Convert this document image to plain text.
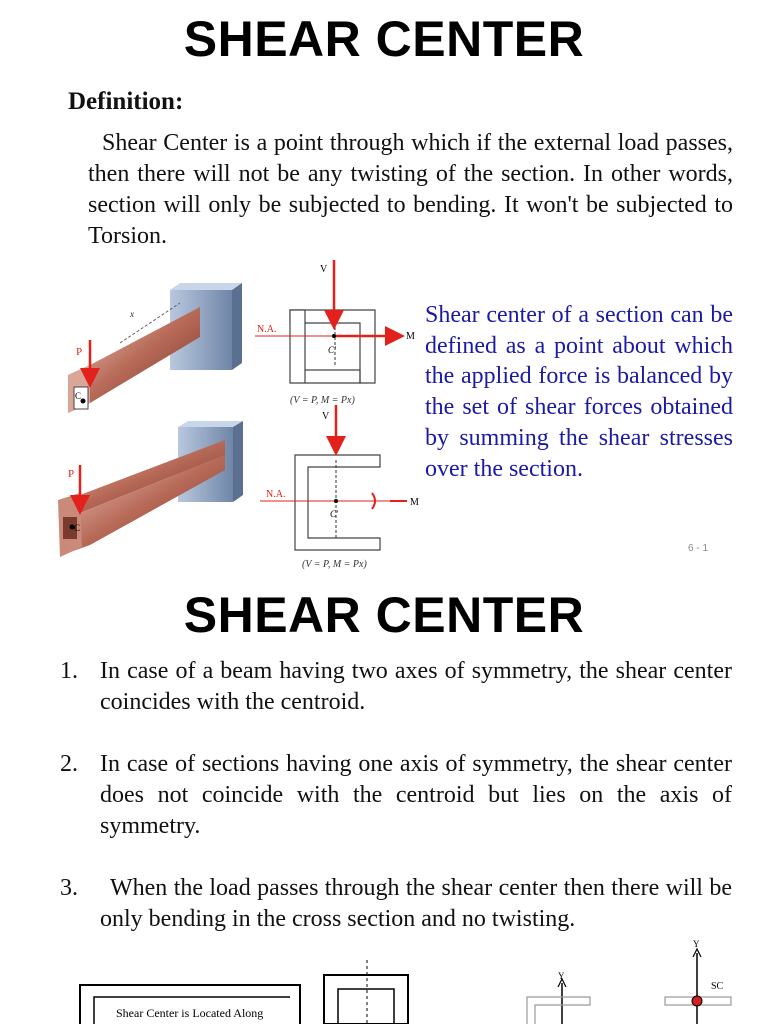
SHEAR CENTER
Definition:
Shear Center is a point through which if the external load passes, then there will not be any twisting of the section. In other words, section will only be subjected to bending. It won't be subjected to Torsion.
x
C
P
N.A.
V
M
C'
(V = P, M = Px)
C
P
N.A.
V
M
C'
(V = P, M = Px)
Shear center of a section can be defined as a point about which the applied force is balanced by the set of shear forces obtained by summing the shear stresses over the section.
6 - 1
SHEAR CENTER
1. In case of a beam having two axes of symmetry, the shear center coincides with the centroid.
2. In case of sections having one axis of symmetry, the shear center does not coincide with the centroid but lies on the axis of symmetry.
3. When the load passes through the shear center then there will be only bending in the cross section and no twisting.
Shear Center is Located Along
Y
Y
SC
